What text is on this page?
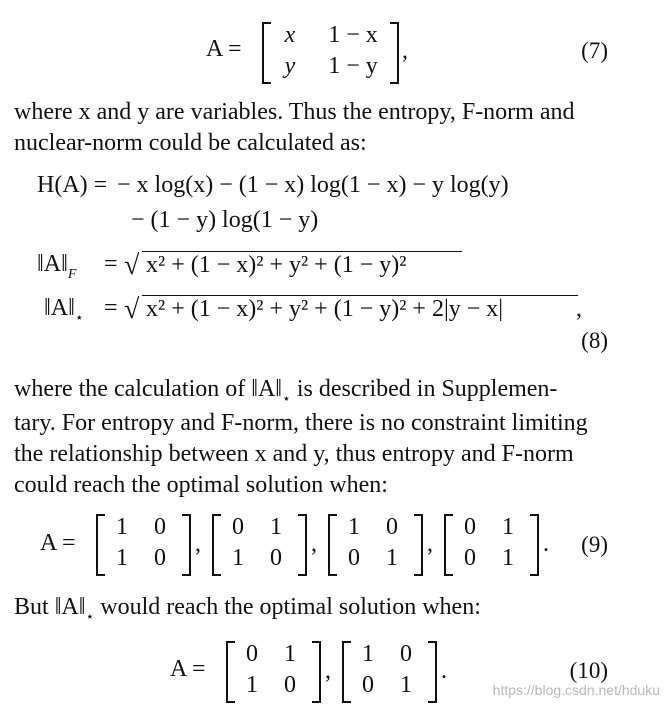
A =
x	1 − x
y	1 − y
,	(7)
where x and y are variables. Thus the entropy, F-norm and
nuclear-norm could be calculated as:
H(A) = − x log(x) − (1 − x) log(1 − x) − y log(y)
− (1 − y) log(1 − y)
$‖A‖_F$ = √ x² + (1 − x)² + y² + (1 − y)²
$‖A‖_⋆$ = √ x² + (1 − x)² + y² + (1 − y)² + 2|y − x|	,
(8)
where the calculation of $‖A‖_⋆$ is described in Supplemen-
tary. For entropy and F-norm, there is no constraint limiting
the relationship between x and y, thus entropy and F-norm
could reach the optimal solution when:
A =	(9)
1	0
1	0
,
0	1
1	0
,
1	0
0	1
,
0	1
0	1
.
But $‖A‖_⋆$ would reach the optimal solution when:
A =	(10)
0	1
1	0
,
1	0
0	1
.
https://blog.csdn.net/hduku
